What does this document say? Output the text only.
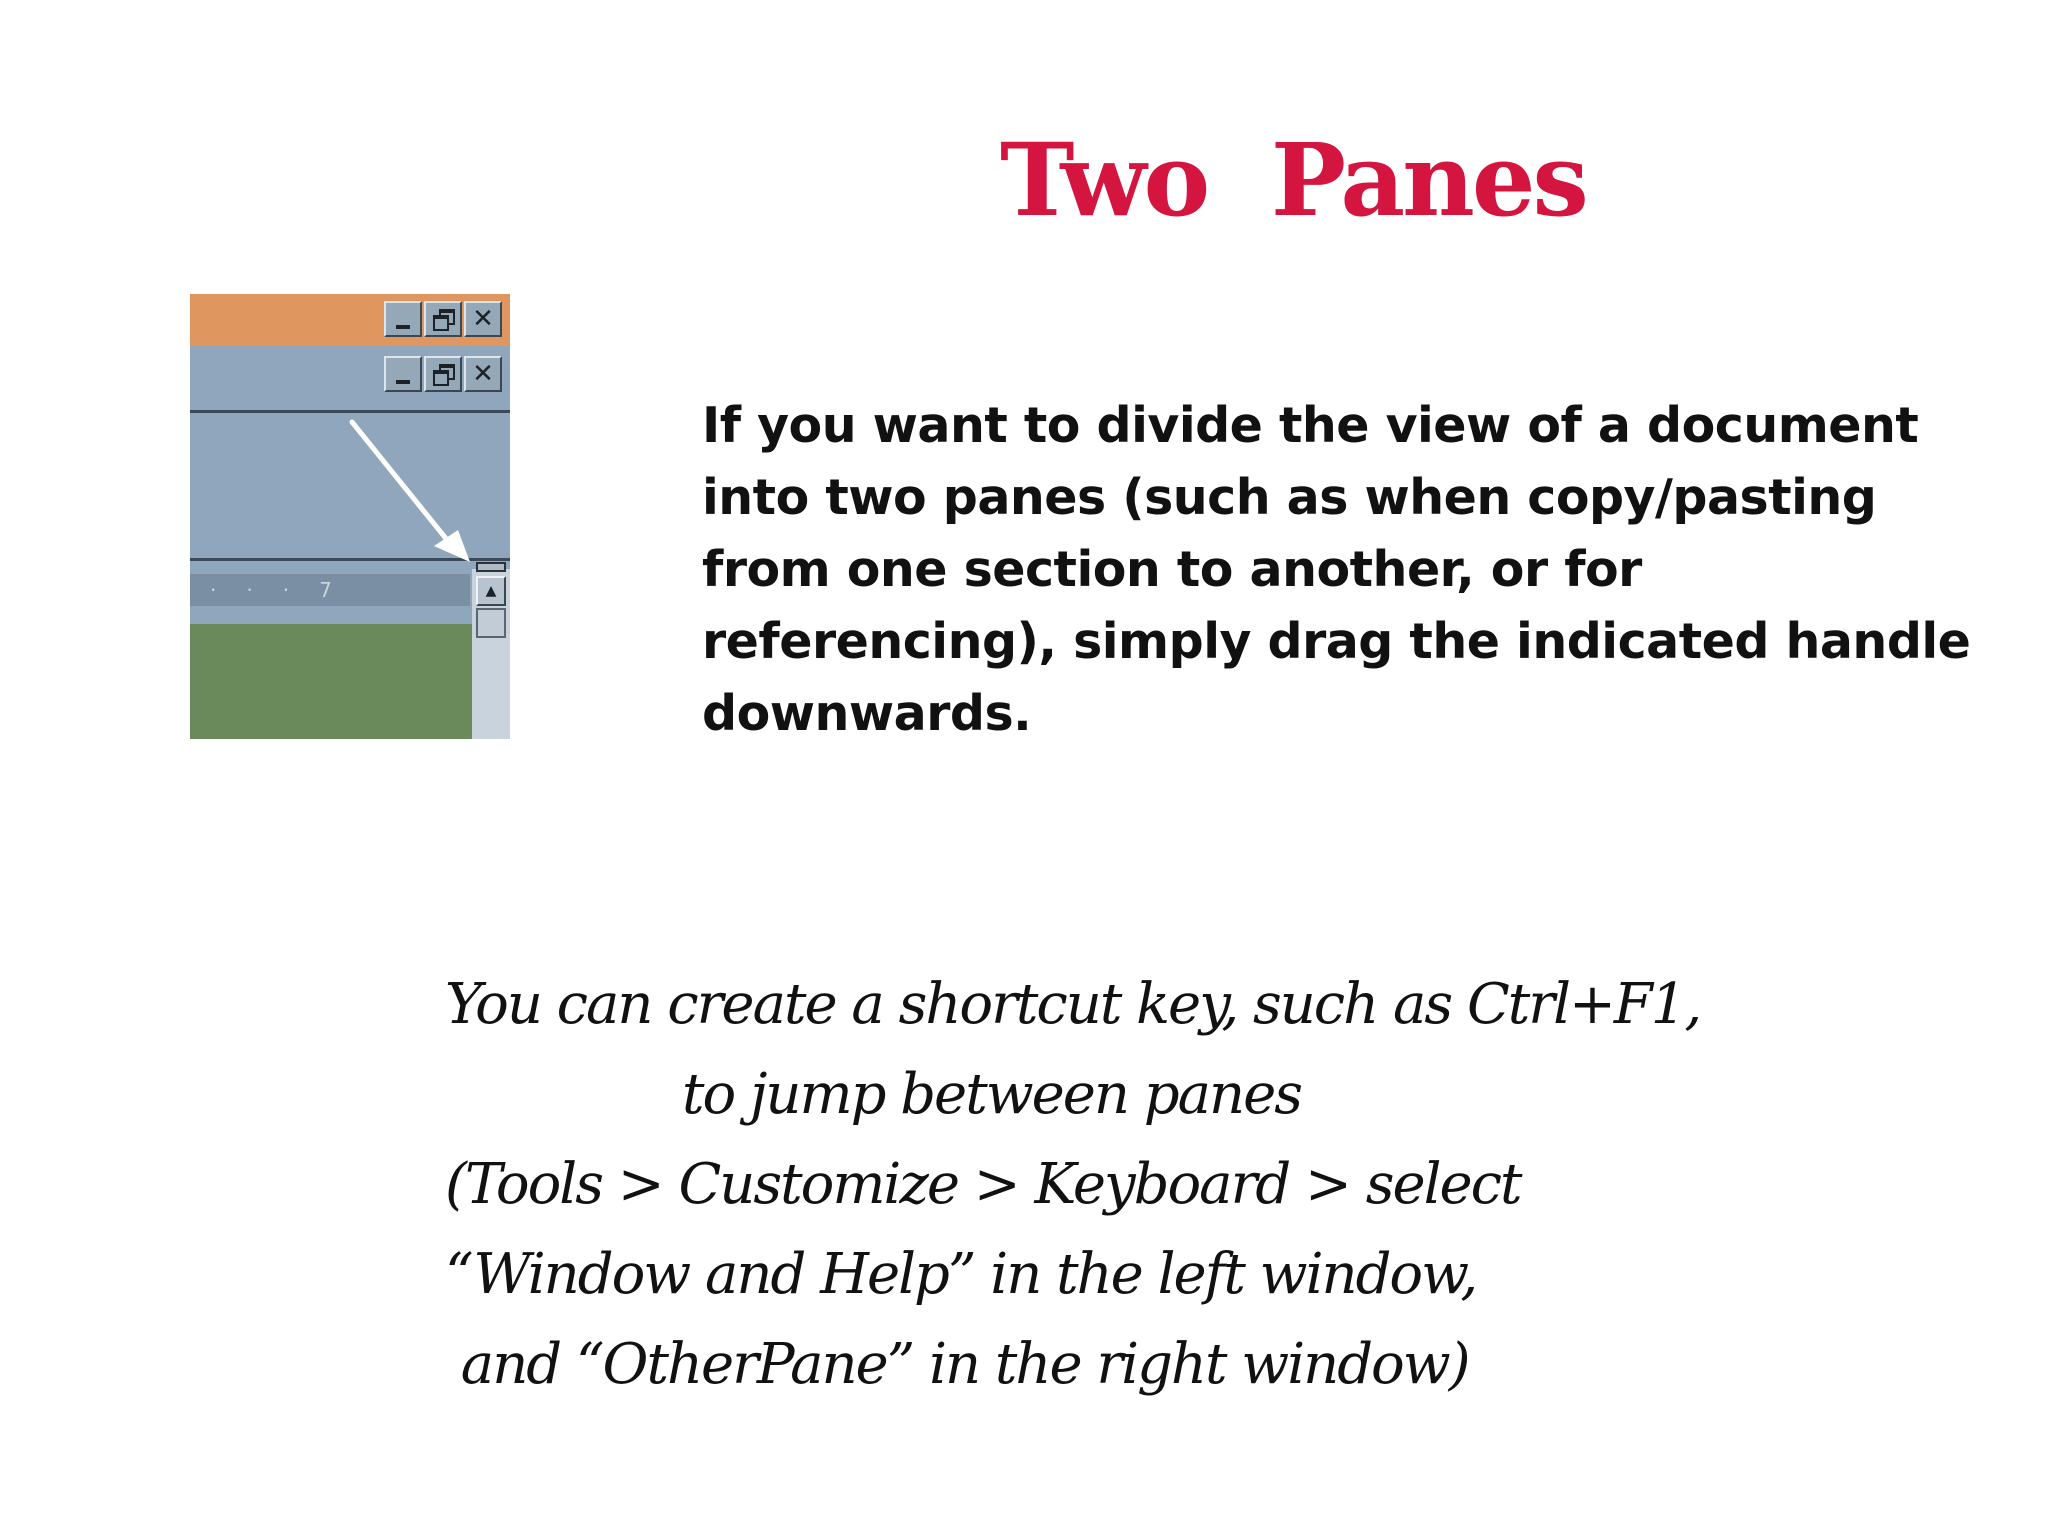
Two  Panes
✕
✕
· · · 7	▲

If you want to divide the view of a document
into two panes (such as when copy/pasting
from one section to another, or for
referencing), simply drag the indicated handle
downwards.

You can create a shortcut key, such as Ctrl+F1,
to jump between panes
(Tools > Customize > Keyboard > select
“Window and Help” in the left window,
and “OtherPane” in the right window)
